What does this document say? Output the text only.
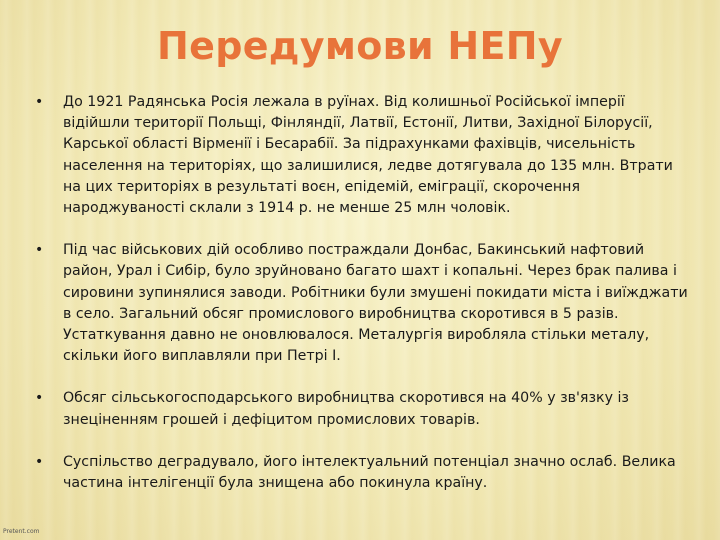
Передумови НЕПу
• До 1921 Радянська Росія лежала в руїнах. Від колишньої Російської імперії відійшли території Польщі, Фінляндії, Латвії, Естонії, Литви, Західної Білорусії, Карської області Вірменії і Бесарабії. За підрахунками фахівців, чисельність населення на територіях, що залишилися, ледве дотягувала до 135 млн. Втрати на цих територіях в результаті воєн, епідемій, еміграції, скорочення народжуваності склали з 1914 р. не менше 25 млн чоловік.
• Під час військових дій особливо постраждали Донбас, Бакинський нафтовий район, Урал і Сибір, було зруйновано багато шахт і копальні. Через брак палива і сировини зупинялися заводи. Робітники були змушені покидати міста і виїжджати в село. Загальний обсяг промислового виробництва скоротився в 5 разів. Устаткування давно не оновлювалося. Металургія виробляла стільки металу, скільки його виплавляли при Петрі І.
• Обсяг сільськогосподарського виробництва скоротився на 40% у зв'язку із знеціненням грошей і дефіцитом промислових товарів.
• Суспільство деградувало, його інтелектуальний потенціал значно ослаб. Велика частина інтелігенції була знищена або покинула країну.
Pretent.com
